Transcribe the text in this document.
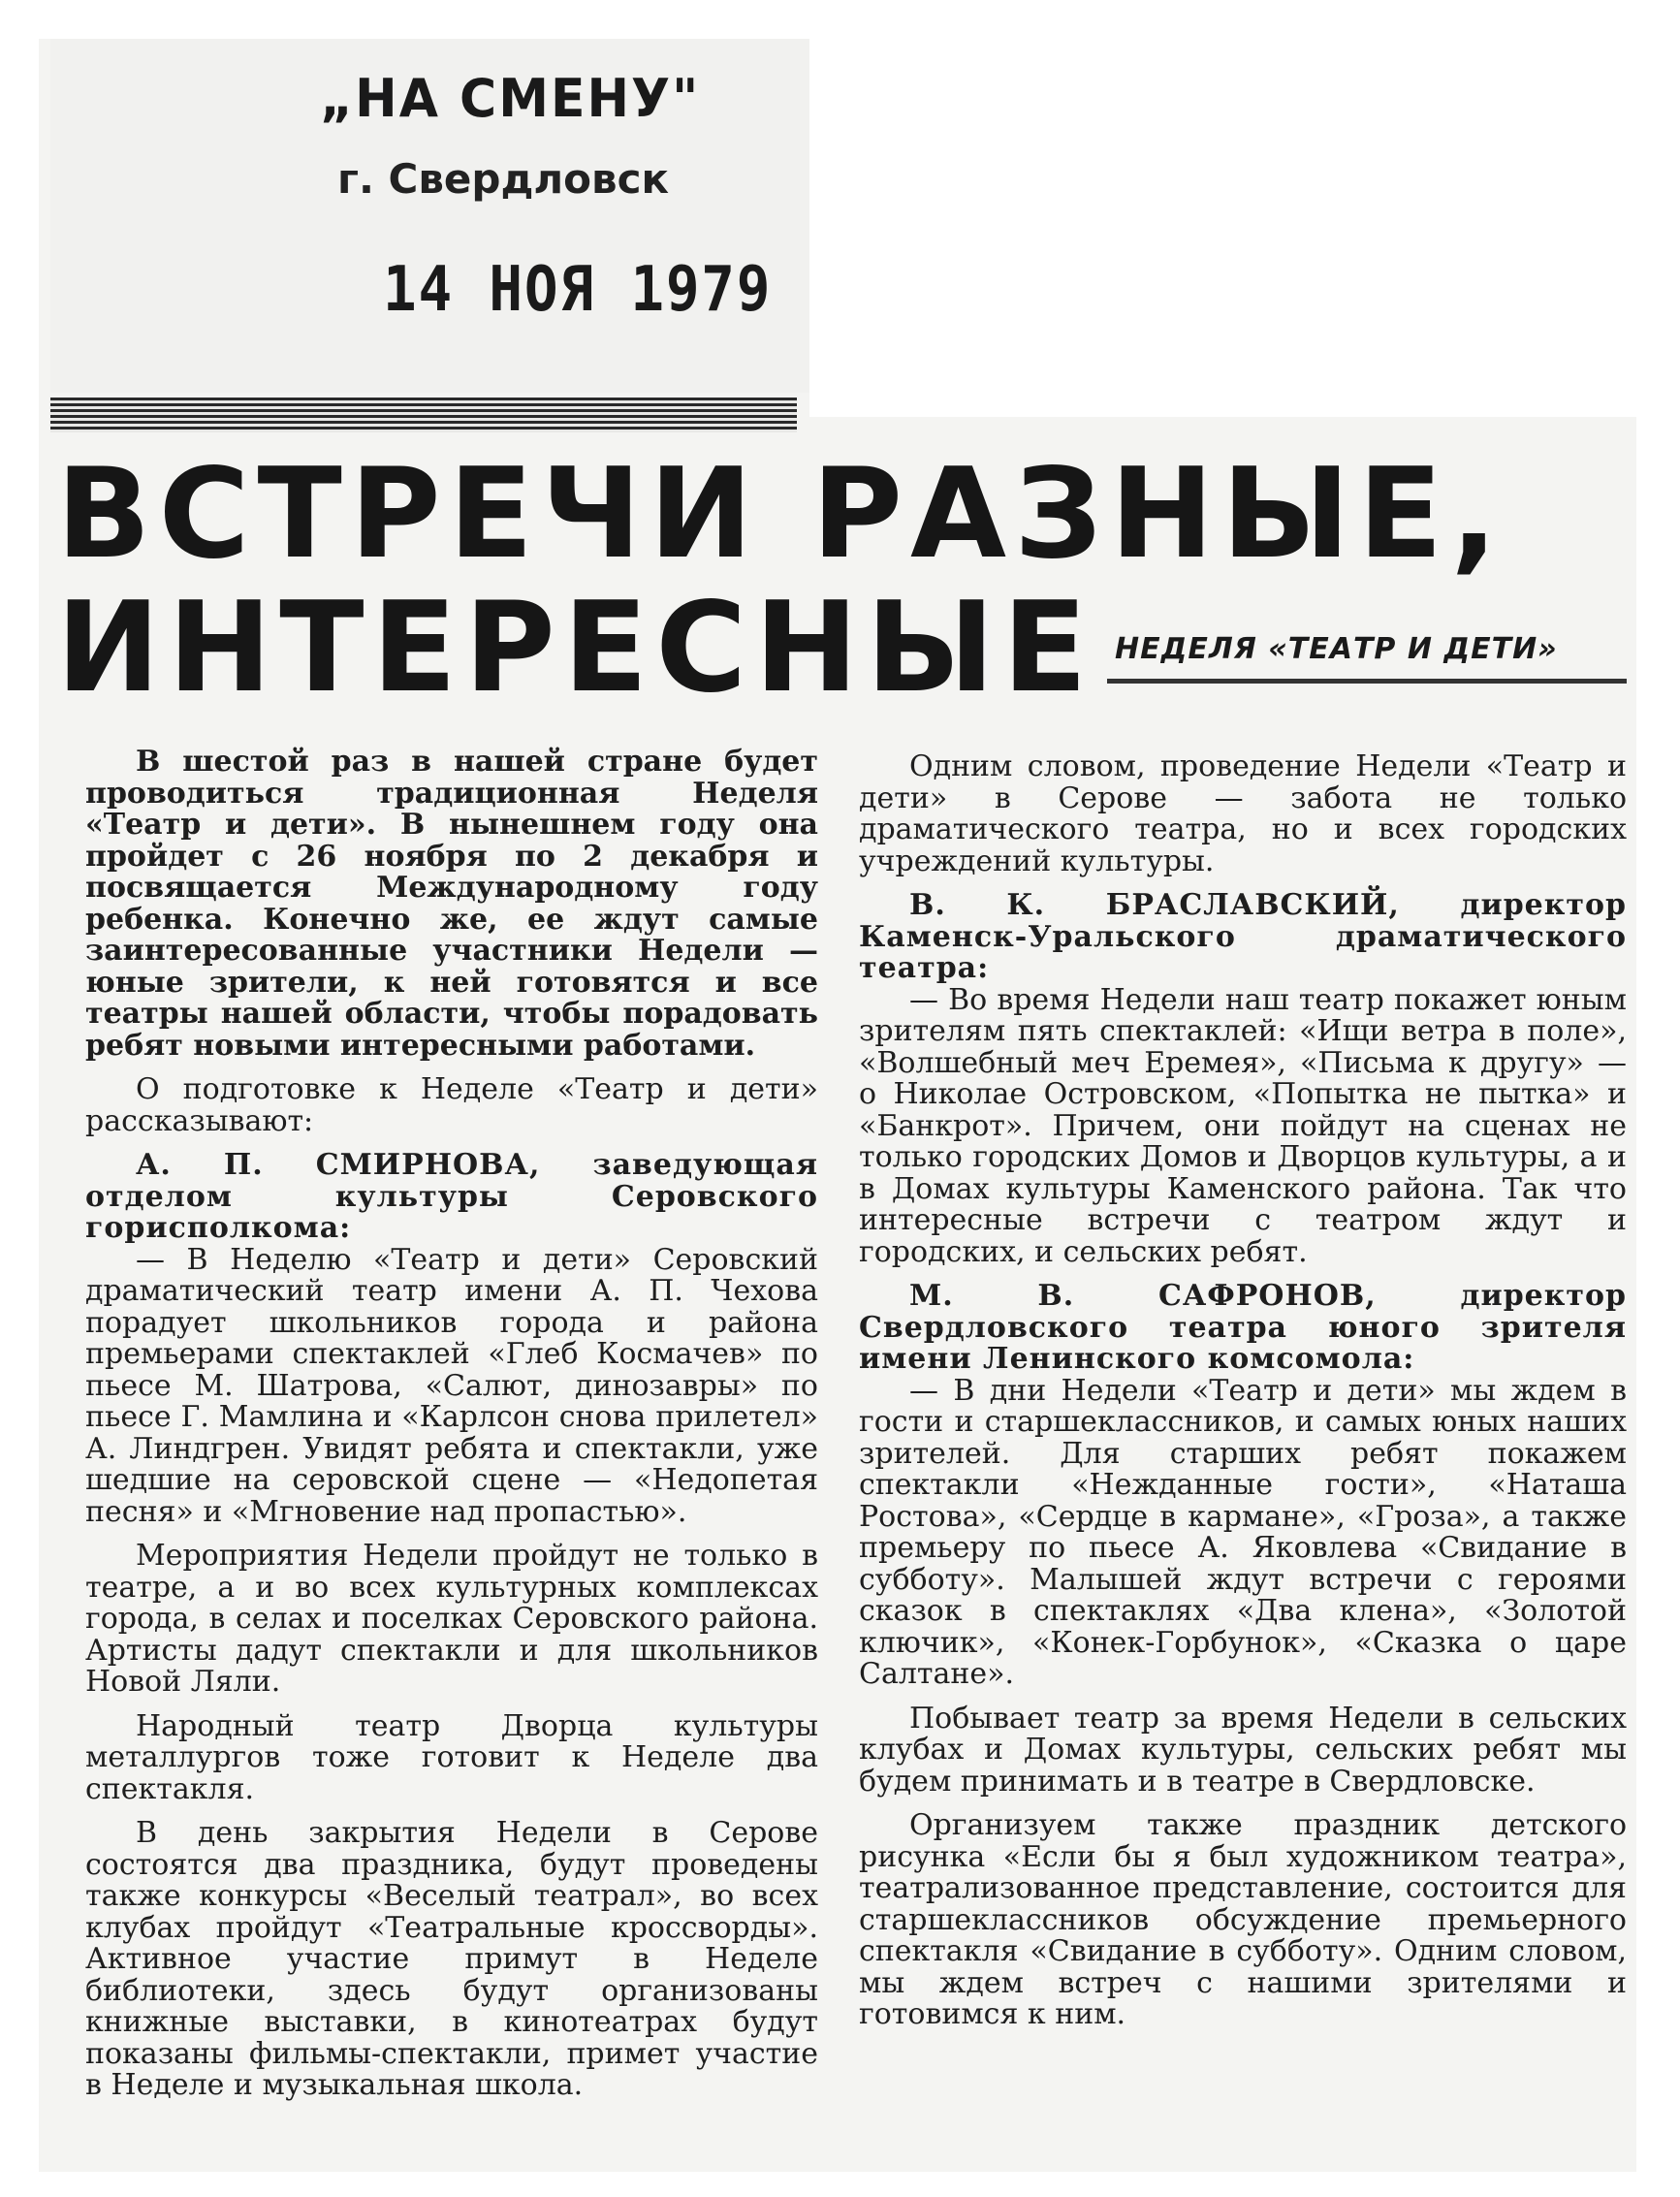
„НА СМЕНУ"
г. Свердловск
14 НОЯ 1979
ВСТРЕЧИ РАЗНЫЕ,
ИНТЕРЕСНЫЕ НЕДЕЛЯ «ТЕАТР И ДЕТИ»

В шестой раз в нашей стране будет проводиться традиционная Неделя «Театр и дети». В нынешнем году она пройдет с 26 ноября по 2 декабря и посвящается Международному году ребенка. Конечно же, ее ждут самые заинтересованные участники Недели — юные зрители, к ней готовятся и все театры нашей области, чтобы порадовать ребят новыми интересными работами.

О подготовке к Неделе «Театр и дети» рассказывают:

А. П. СМИРНОВА, заведующая отделом культуры Серовского горисполкома:

— В Неделю «Театр и дети» Серовский драматический театр имени А. П. Чехова порадует школьников города и района премьерами спектаклей «Глеб Космачев» по пьесе М. Шатрова, «Салют, динозавры» по пьесе Г. Мамлина и «Карлсон снова прилетел» А. Линдгрен. Увидят ребята и спектакли, уже шедшие на серовской сцене — «Недопетая песня» и «Мгновение над пропастью».

Мероприятия Недели пройдут не только в театре, а и во всех культурных комплексах города, в селах и поселках Серовского района. Артисты дадут спектакли и для школьников Новой Ляли.

Народный театр Дворца культуры металлургов тоже готовит к Неделе два спектакля.

В день закрытия Недели в Серове состоятся два праздника, будут проведены также конкурсы «Веселый театрал», во всех клубах пройдут «Театральные кроссворды». Активное участие примут в Неделе библиотеки, здесь будут организованы книжные выставки, в кинотеатрах будут показаны фильмы-спектакли, примет участие в Неделе и музыкальная школа.

Одним словом, проведение Недели «Театр и дети» в Серове — забота не только драматического театра, но и всех городских учреждений культуры.

В. К. БРАСЛАВСКИЙ, директор Каменск-Уральского драматического театра:

— Во время Недели наш театр покажет юным зрителям пять спектаклей: «Ищи ветра в поле», «Волшебный меч Еремея», «Письма к другу» — о Николае Островском, «Попытка не пытка» и «Банкрот». Причем, они пойдут на сценах не только городских Домов и Дворцов культуры, а и в Домах культуры Каменского района. Так что интересные встречи с театром ждут и городских, и сельских ребят.

М. В. САФРОНОВ, директор Свердловского театра юного зрителя имени Ленинского комсомола:

— В дни Недели «Театр и дети» мы ждем в гости и старшеклассников, и самых юных наших зрителей. Для старших ребят покажем спектакли «Нежданные гости», «Наташа Ростова», «Сердце в кармане», «Гроза», а также премьеру по пьесе А. Яковлева «Свидание в субботу». Малышей ждут встречи с героями сказок в спектаклях «Два клена», «Золотой ключик», «Конек-Горбунок», «Сказка о царе Салтане».

Побывает театр за время Недели в сельских клубах и Домах культуры, сельских ребят мы будем принимать и в театре в Свердловске.

Организуем также праздник детского рисунка «Если бы я был художником театра», театрализованное представление, состоится для старшеклассников обсуждение премьерного спектакля «Свидание в субботу». Одним словом, мы ждем встреч с нашими зрителями и готовимся к ним.
